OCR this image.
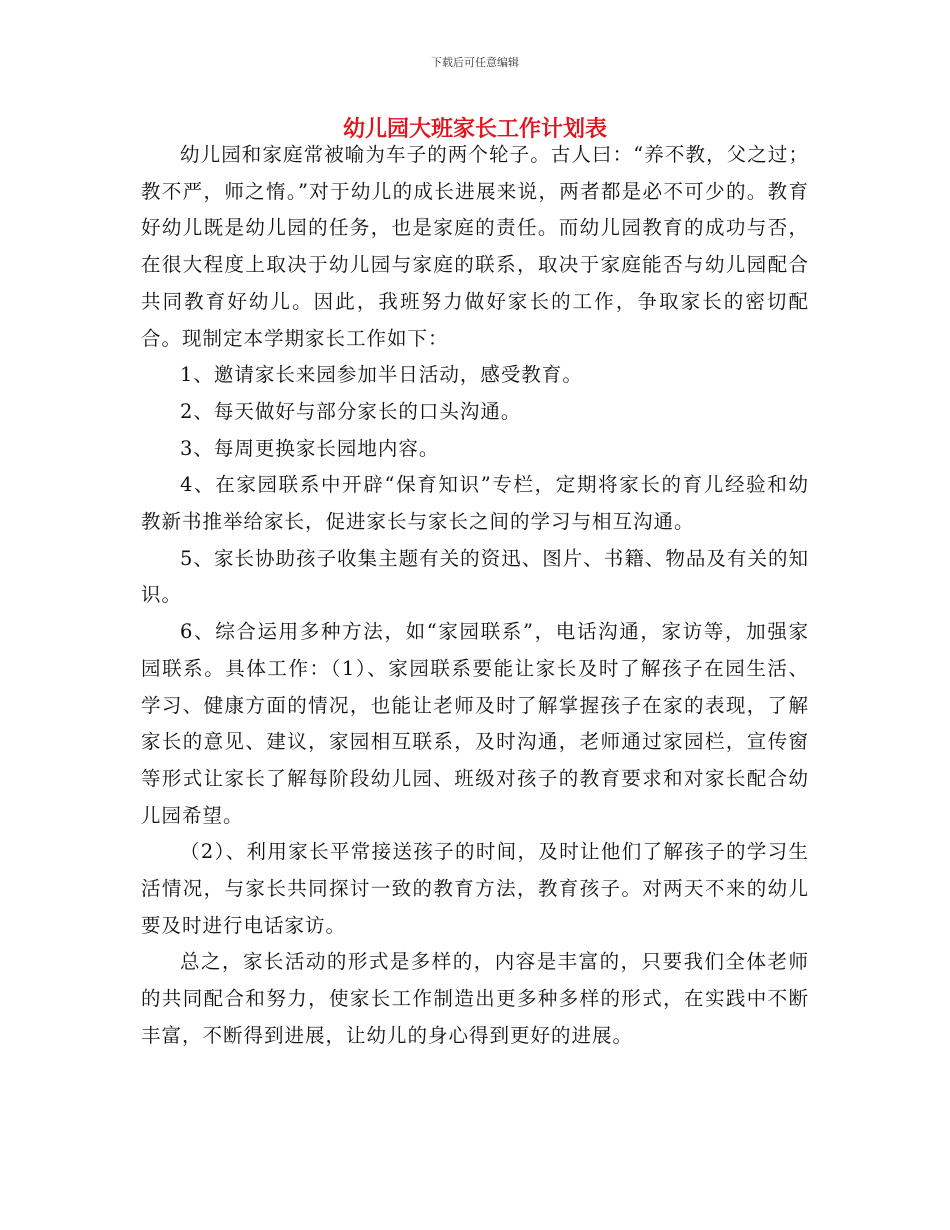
下载后可任意编辑
幼儿园大班家长工作计划表

幼儿园和家庭常被喻为车子的两个轮子。古人曰：“养不教，父之过；教不严，师之惰。”对于幼儿的成长进展来说，两者都是必不可少的。教育好幼儿既是幼儿园的任务，也是家庭的责任。而幼儿园教育的成功与否，在很大程度上取决于幼儿园与家庭的联系，取决于家庭能否与幼儿园配合共同教育好幼儿。因此，我班努力做好家长的工作，争取家长的密切配合。现制定本学期家长工作如下：

1、邀请家长来园参加半日活动，感受教育。

2、每天做好与部分家长的口头沟通。

3、每周更换家长园地内容。

4、在家园联系中开辟“保育知识”专栏，定期将家长的育儿经验和幼教新书推举给家长，促进家长与家长之间的学习与相互沟通。

5、家长协助孩子收集主题有关的资迅、图片、书籍、物品及有关的知识。

6、综合运用多种方法，如“家园联系”，电话沟通，家访等，加强家园联系。具体工作：（1）、家园联系要能让家长及时了解孩子在园生活、学习、健康方面的情况，也能让老师及时了解掌握孩子在家的表现，了解家长的意见、建议，家园相互联系，及时沟通，老师通过家园栏，宣传窗等形式让家长了解每阶段幼儿园、班级对孩子的教育要求和对家长配合幼儿园希望。

（2）、利用家长平常接送孩子的时间，及时让他们了解孩子的学习生活情况，与家长共同探讨一致的教育方法，教育孩子。对两天不来的幼儿要及时进行电话家访。

总之，家长活动的形式是多样的，内容是丰富的，只要我们全体老师的共同配合和努力，使家长工作制造出更多种多样的形式，在实践中不断丰富，不断得到进展，让幼儿的身心得到更好的进展。
